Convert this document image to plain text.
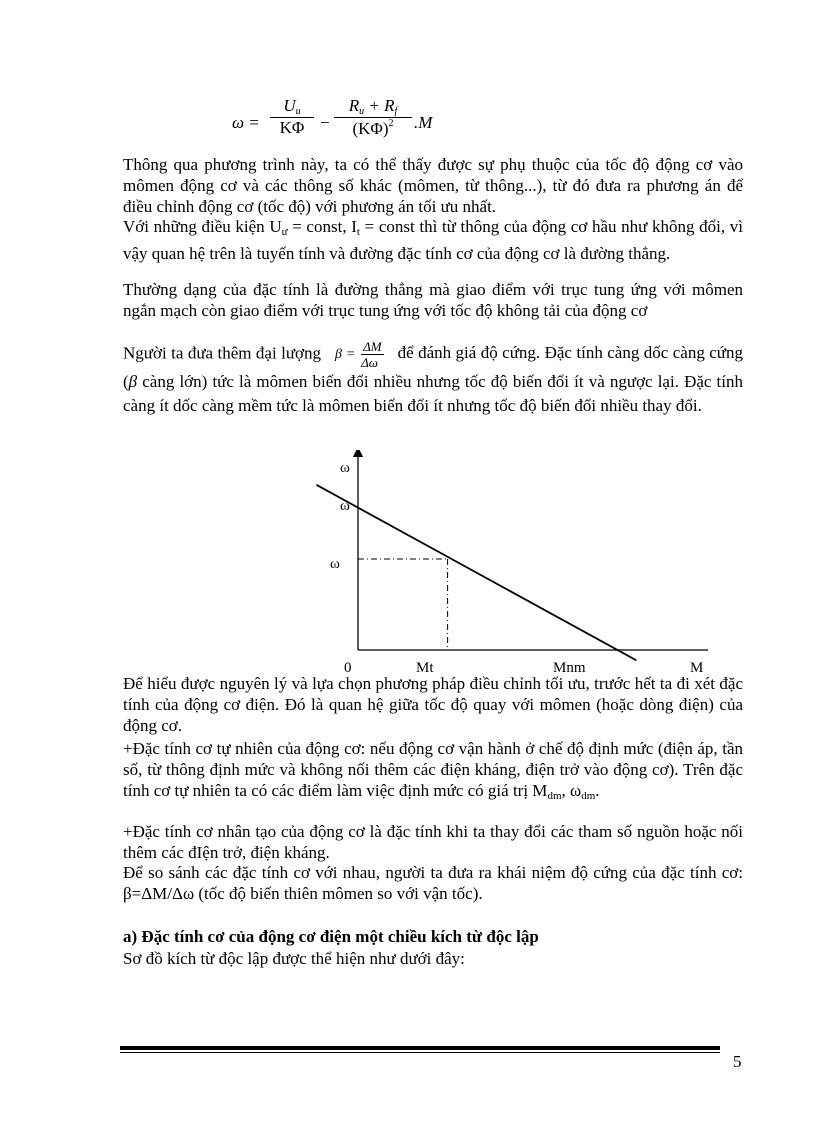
$\omega = \frac{U_u}{K\Phi} - \frac{R_u + R_f}{(K\Phi)^2} .M$
Thông qua phương trình này, ta có thể thấy được sự phụ thuộc của tốc độ động cơ vào mômen động cơ và các thông số khác (mômen, từ thông...), từ đó đưa ra phương án để điều chỉnh động cơ (tốc độ) với phương án tối ưu nhất.
Với những điều kiện Uư = const, It = const thì từ thông của động cơ hầu như không đổi, vì vậy quan hệ trên là tuyến tính và đường đặc tính cơ của động cơ là đường thẳng.
Thường dạng của đặc tính là đường thẳng mà giao điểm với trục tung ứng với mômen ngắn mạch còn giao điểm với trục tung ứng với tốc độ không tải của động cơ
Người ta đưa thêm đại lượng $\beta = \frac{\Delta M}{\Delta\omega}$ để đánh giá độ cứng. Đặc tính càng dốc càng cứng (β càng lớn) tức là mômen biến đổi nhiều nhưng tốc độ biến đổi ít và ngược lại. Đặc tính càng ít dốc càng mềm tức là mômen biến đổi ít nhưng tốc độ biến đổi nhiều thay đổi.
ω
ω
ω
0	Mt	Mnm	M
Để hiểu được nguyên lý và lựa chọn phương pháp điều chỉnh tối ưu, trước hết ta đi xét đặc tính của động cơ điện. Đó là quan hệ giữa tốc độ quay với mômen (hoặc dòng điện) của động cơ.
+Đặc tính cơ tự nhiên của động cơ: nếu động cơ vận hành ở chế độ định mức (điện áp, tần số, từ thông định mức và không nối thêm các điện kháng, điện trở vào động cơ). Trên đặc tính cơ tự nhiên ta có các điểm làm việc định mức có giá trị Mdm, ωdm.
+Đặc tính cơ nhân tạo của động cơ là đặc tính khi ta thay đổi các tham số nguồn hoặc nối thêm các đIện trở, điện kháng.
Để so sánh các đặc tính cơ với nhau, người ta đưa ra khái niệm độ cứng của đặc tính cơ: β=ΔM/Δω (tốc độ biến thiên mômen so với vận tốc).
a) Đặc tính cơ của động cơ điện một chiều kích từ độc lập
Sơ đồ kích từ độc lập được thể hiện như dưới đây:
5
